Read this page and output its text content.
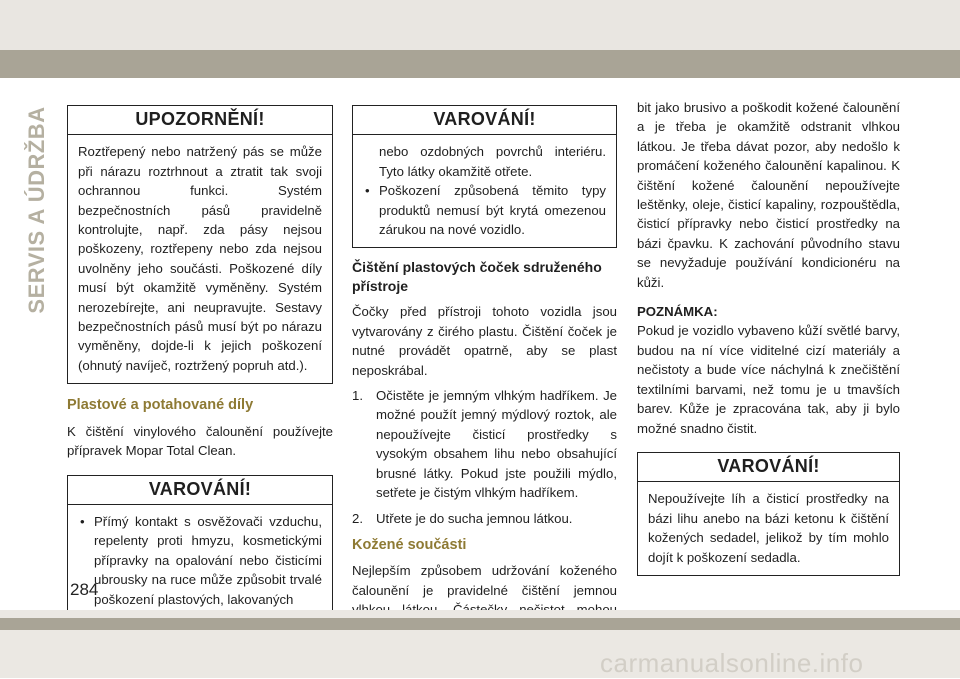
SERVIS A ÚDRŽBA	UPOZORNĚNÍ!
Roztřepený nebo natržený pás se může při nárazu roztrhnout a ztratit tak svoji ochrannou funkci. Systém bezpečnostních pásů pravidelně kontrolujte, např. zda pásy nejsou poškozeny, roztřepeny nebo zda nejsou uvolněny jeho součásti. Poškozené díly musí být okamžitě vyměněny. Systém nerozebírejte, ani neupravujte. Sestavy bezpečnostních pásů musí být po nárazu vyměněny, dojde-li k jejich poškození (ohnutý navíječ, roztržený popruh atd.).
Plastové a potahované díly

K čištění vinylového čalounění používejte přípravek Mopar Total Clean.

VAROVÁNÍ!
• Přímý kontakt s osvěžovači vzduchu, repelenty proti hmyzu, kosmetickými přípravky na opalování nebo čisticími ubrousky na ruce může způsobit trvalé poškození plastových, lakovaných
VAROVÁNÍ!
nebo ozdobných povrchů interiéru. Tyto látky okamžitě otřete.
• Poškození způsobená těmito typy produktů nemusí být krytá omezenou zárukou na nové vozidlo.
Čištění plastových čoček sdruženého přístroje

Čočky před přístroji tohoto vozidla jsou vytvarovány z čirého plastu. Čištění čoček je nutné provádět opatrně, aby se plast neposkrábal.

1. Očistěte je jemným vlhkým hadříkem. Je možné použít jemný mýdlový roztok, ale nepoužívejte čisticí prostředky s vysokým obsahem lihu nebo obsahující brusné látky. Pokud jste použili mýdlo, setřete je čistým vlhkým hadříkem.
2. Utřete je do sucha jemnou látkou.
Kožené součásti

Nejlepším způsobem udržování koženého čalounění je pravidelné čištění jemnou

bit jako brusivo a poškodit kožené čalounění a je třeba je okamžitě odstranit vlhkou látkou. Je třeba dávat pozor, aby nedošlo k promáčení koženého čalounění kapalinou. K čištění kožené čalounění nepoužívejte leštěnky, oleje, čisticí kapaliny, rozpouštědla, čisticí přípravky nebo čisticí prostředky na bázi čpavku. K zachování původního stavu se nevyžaduje používání kondicionéru na kůži.

POZNÁMKA:

Pokud je vozidlo vybaveno kůží světlé barvy, budou na ní více viditelné cizí materiály a nečistoty a bude více náchylná k znečištění textilními barvami, než tomu je u tmavších barev. Kůže je zpracována tak, aby ji bylo možné snadno čistit.

VAROVÁNÍ!
Nepoužívejte líh a čisticí prostředky na bázi lihu anebo na bázi ketonu k čištění kožených sedadel, jelikož by tím mohlo dojít k poškození sedadla.
284
carmanualsonline.info
